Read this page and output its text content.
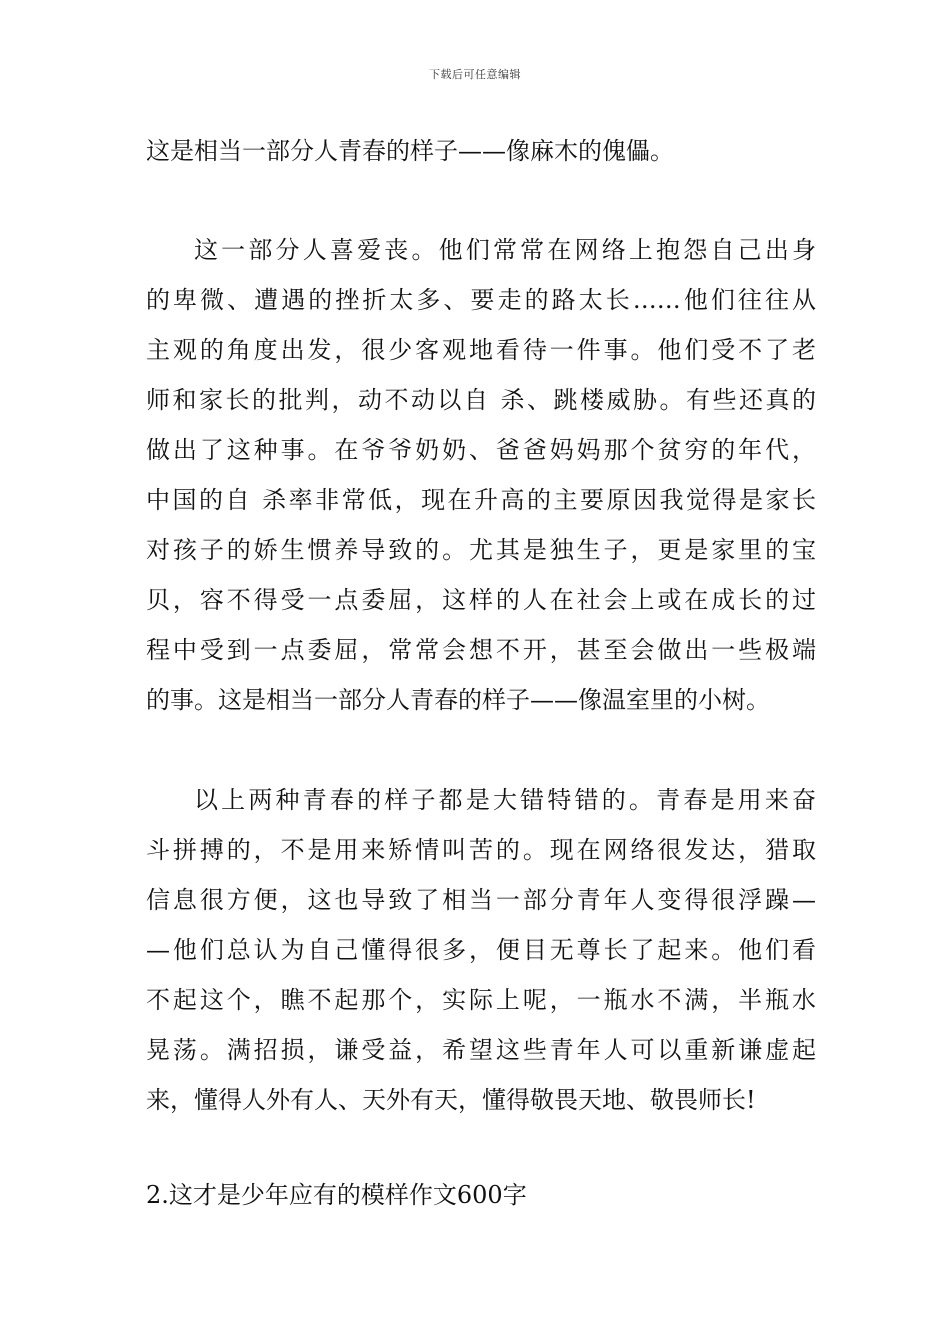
下载后可任意编辑
这是相当一部分人青春的样子——像麻木的傀儡。
这一部分人喜爱丧。他们常常在网络上抱怨自己出身
的卑微、遭遇的挫折太多、要走的路太长……他们往往从
主观的角度出发，很少客观地看待一件事。他们受不了老
师和家长的批判，动不动以自 杀、跳楼威胁。有些还真的
做出了这种事。在爷爷奶奶、爸爸妈妈那个贫穷的年代，
中国的自 杀率非常低，现在升高的主要原因我觉得是家长
对孩子的娇生惯养导致的。尤其是独生子，更是家里的宝
贝，容不得受一点委屈，这样的人在社会上或在成长的过
程中受到一点委屈，常常会想不开，甚至会做出一些极端
的事。这是相当一部分人青春的样子——像温室里的小树。
以上两种青春的样子都是大错特错的。青春是用来奋
斗拼搏的，不是用来矫情叫苦的。现在网络很发达，猎取
信息很方便，这也导致了相当一部分青年人变得很浮躁—
—他们总认为自己懂得很多，便目无尊长了起来。他们看
不起这个，瞧不起那个，实际上呢，一瓶水不满，半瓶水
晃荡。满招损，谦受益，希望这些青年人可以重新谦虚起
来，懂得人外有人、天外有天，懂得敬畏天地、敬畏师长!
2.这才是少年应有的模样作文600字
